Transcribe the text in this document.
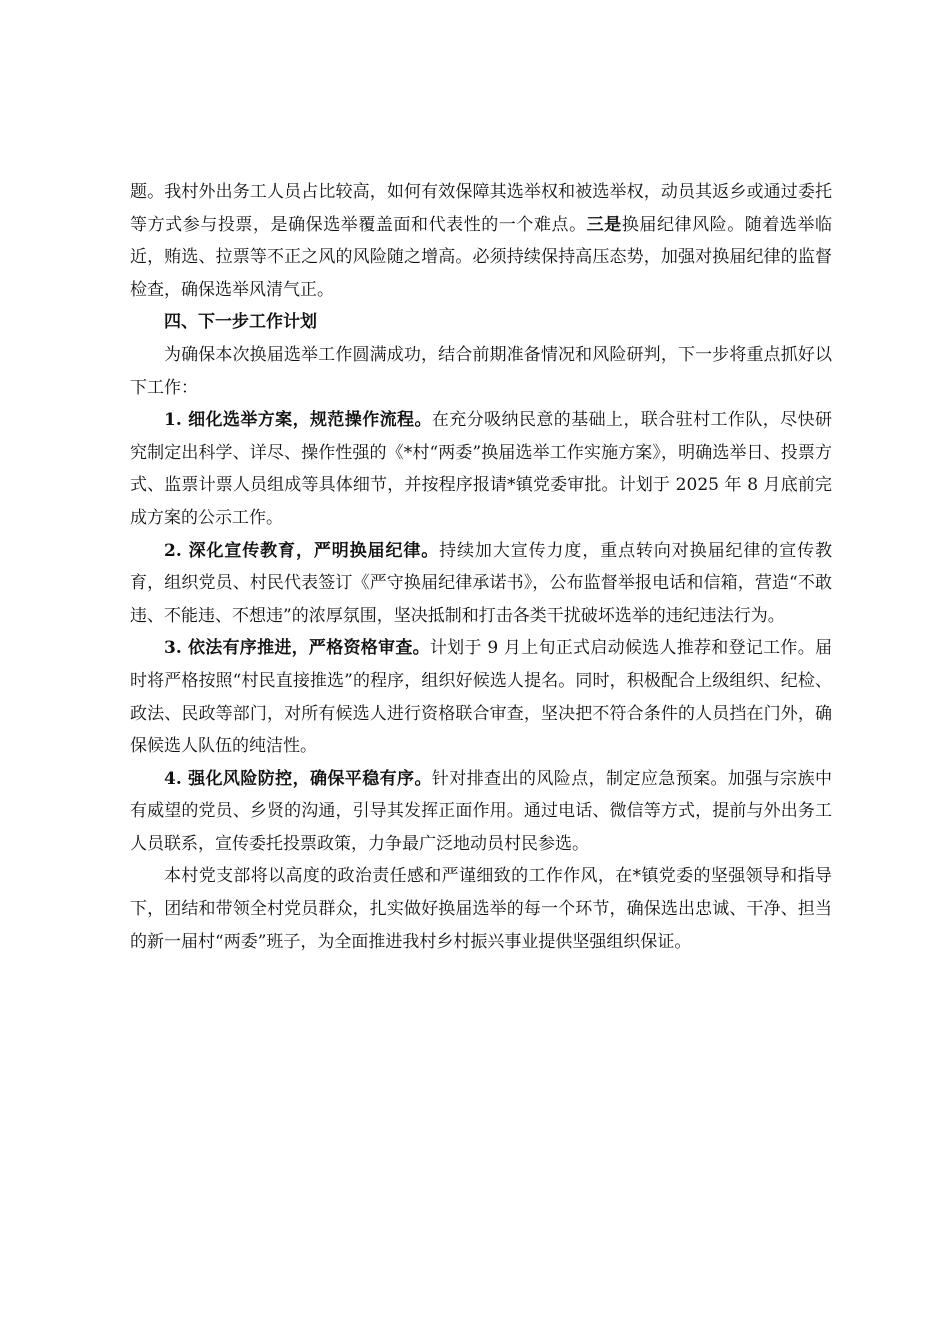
题。我村外出务工人员占比较高，如何有效保障其选举权和被选举权，动员其返乡或通过委托等方式参与投票，是确保选举覆盖面和代表性的一个难点。三是换届纪律风险。随着选举临近，贿选、拉票等不正之风的风险随之增高。必须持续保持高压态势，加强对换届纪律的监督检查，确保选举风清气正。

四、下一步工作计划

为确保本次换届选举工作圆满成功，结合前期准备情况和风险研判，下一步将重点抓好以下工作：

1. 细化选举方案，规范操作流程。在充分吸纳民意的基础上，联合驻村工作队，尽快研究制定出科学、详尽、操作性强的《*村“两委”换届选举工作实施方案》，明确选举日、投票方式、监票计票人员组成等具体细节，并按程序报请*镇党委审批。计划于 2025 年 8 月底前完成方案的公示工作。

2. 深化宣传教育，严明换届纪律。持续加大宣传力度，重点转向对换届纪律的宣传教育，组织党员、村民代表签订《严守换届纪律承诺书》，公布监督举报电话和信箱，营造“不敢违、不能违、不想违”的浓厚氛围，坚决抵制和打击各类干扰破坏选举的违纪违法行为。

3. 依法有序推进，严格资格审查。计划于 9 月上旬正式启动候选人推荐和登记工作。届时将严格按照“村民直接推选”的程序，组织好候选人提名。同时，积极配合上级组织、纪检、政法、民政等部门，对所有候选人进行资格联合审查，坚决把不符合条件的人员挡在门外，确保候选人队伍的纯洁性。

4. 强化风险防控，确保平稳有序。针对排查出的风险点，制定应急预案。加强与宗族中有威望的党员、乡贤的沟通，引导其发挥正面作用。通过电话、微信等方式，提前与外出务工人员联系，宣传委托投票政策，力争最广泛地动员村民参选。

本村党支部将以高度的政治责任感和严谨细致的工作作风，在*镇党委的坚强领导和指导下，团结和带领全村党员群众，扎实做好换届选举的每一个环节，确保选出忠诚、干净、担当的新一届村“两委”班子，为全面推进我村乡村振兴事业提供坚强组织保证。
